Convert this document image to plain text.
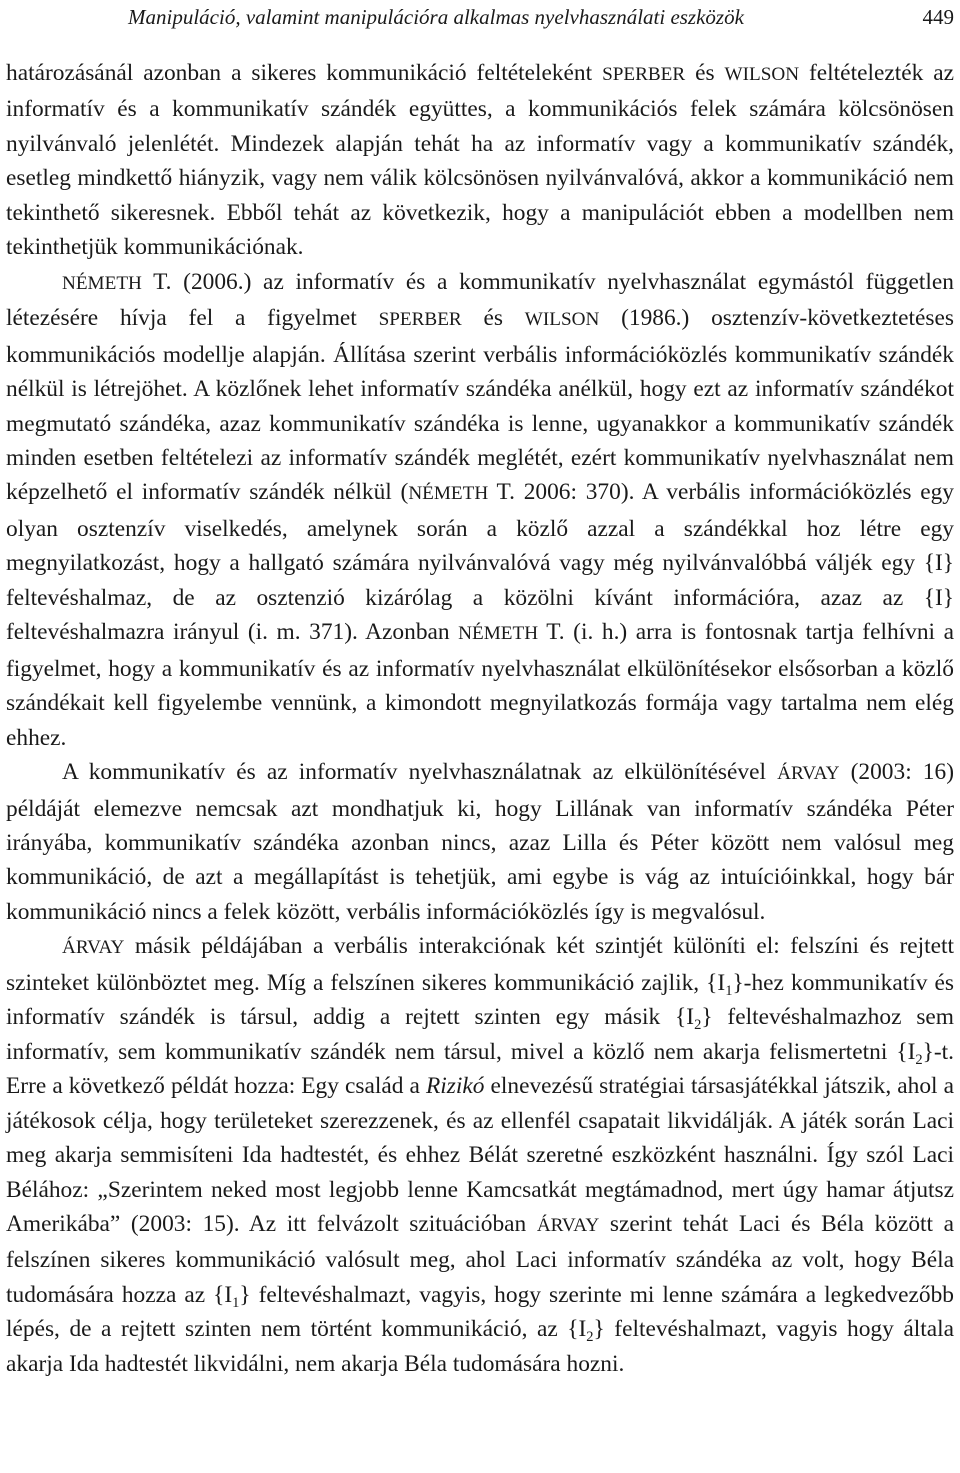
Manipuláció, valamint manipulációra alkalmas nyelvhasználati eszközök	449

határozásánál azonban a sikeres kommunikáció feltételeként SPERBER és WILSON feltételezték az informatív és a kommunikatív szándék együttes, a kommunikációs felek számára kölcsönösen nyilvánvaló jelenlétét. Mindezek alapján tehát ha az informatív vagy a kommunikatív szándék, esetleg mindkettő hiányzik, vagy nem válik kölcsönösen nyilvánvalóvá, akkor a kommunikáció nem tekinthető sikeresnek. Ebből tehát az következik, hogy a manipulációt ebben a modellben nem tekinthetjük kommunikációnak.

NÉMETH T. (2006.) az informatív és a kommunikatív nyelvhasználat egymástól független létezésére hívja fel a figyelmet SPERBER és WILSON (1986.) osztenzív-következtetéses kommunikációs modellje alapján. Állítása szerint verbális információközlés kommunikatív szándék nélkül is létrejöhet. A közlőnek lehet informatív szándéka anélkül, hogy ezt az informatív szándékot megmutató szándéka, azaz kommunikatív szándéka is lenne, ugyanakkor a kommunikatív szándék minden esetben feltételezi az informatív szándék meglétét, ezért kommunikatív nyelvhasználat nem képzelhető el informatív szándék nélkül (NÉMETH T. 2006: 370). A verbális információközlés egy olyan osztenzív viselkedés, amelynek során a közlő azzal a szándékkal hoz létre egy megnyilatkozást, hogy a hallgató számára nyilvánvalóvá vagy még nyilvánvalóbbá váljék egy {I} feltevéshalmaz, de az osztenzió kizárólag a közölni kívánt információra, azaz az {I} feltevéshalmazra irányul (i. m. 371). Azonban NÉMETH T. (i. h.) arra is fontosnak tartja felhívni a figyelmet, hogy a kommunikatív és az informatív nyelvhasználat elkülönítésekor elsősorban a közlő szándékait kell figyelembe vennünk, a kimondott megnyilatkozás formája vagy tartalma nem elég ehhez.

A kommunikatív és az informatív nyelvhasználatnak az elkülönítésével ÁRVAY (2003: 16) példáját elemezve nemcsak azt mondhatjuk ki, hogy Lillának van informatív szándéka Péter irányába, kommunikatív szándéka azonban nincs, azaz Lilla és Péter között nem valósul meg kommunikáció, de azt a megállapítást is tehetjük, ami egybe is vág az intuícióinkkal, hogy bár kommunikáció nincs a felek között, verbális információközlés így is megvalósul.

ÁRVAY másik példájában a verbális interakciónak két szintjét különíti el: felszíni és rejtett szinteket különböztet meg. Míg a felszínen sikeres kommunikáció zajlik, $\{I_1\}$-hez kommunikatív és informatív szándék is társul, addig a rejtett szinten egy másik $\{I_2\}$ feltevéshalmazhoz sem informatív, sem kommunikatív szándék nem társul, mivel a közlő nem akarja felismertetni $\{I_2\}-t$. Erre a következő példát hozza: Egy család a Rizikó elnevezésű stratégiai társasjátékkal játszik, ahol a játékosok célja, hogy területeket szerezzenek, és az ellenfél csapatait likvidálják. A játék során Laci meg akarja semmisíteni Ida hadtestét, és ehhez Bélát szeretné eszközként használni. Így szól Laci Bélához: „Szerintem neked most legjobb lenne Kamcsatkát megtámadnod, mert úgy hamar átjutsz Amerikába” (2003: 15). Az itt felvázolt szituációban ÁRVAY szerint tehát Laci és Béla között a felszínen sikeres kommunikáció valósult meg, ahol Laci informatív szándéka az volt, hogy Béla tudomására hozza az $\{I_1\}$ feltevéshalmazt, vagyis, hogy szerinte mi lenne számára a legkedvezőbb lépés, de a rejtett szinten nem történt kommunikáció, az $\{I_2\}$ feltevéshalmazt, vagyis hogy általa akarja Ida hadtestét likvidálni, nem akarja Béla tudomására hozni.
